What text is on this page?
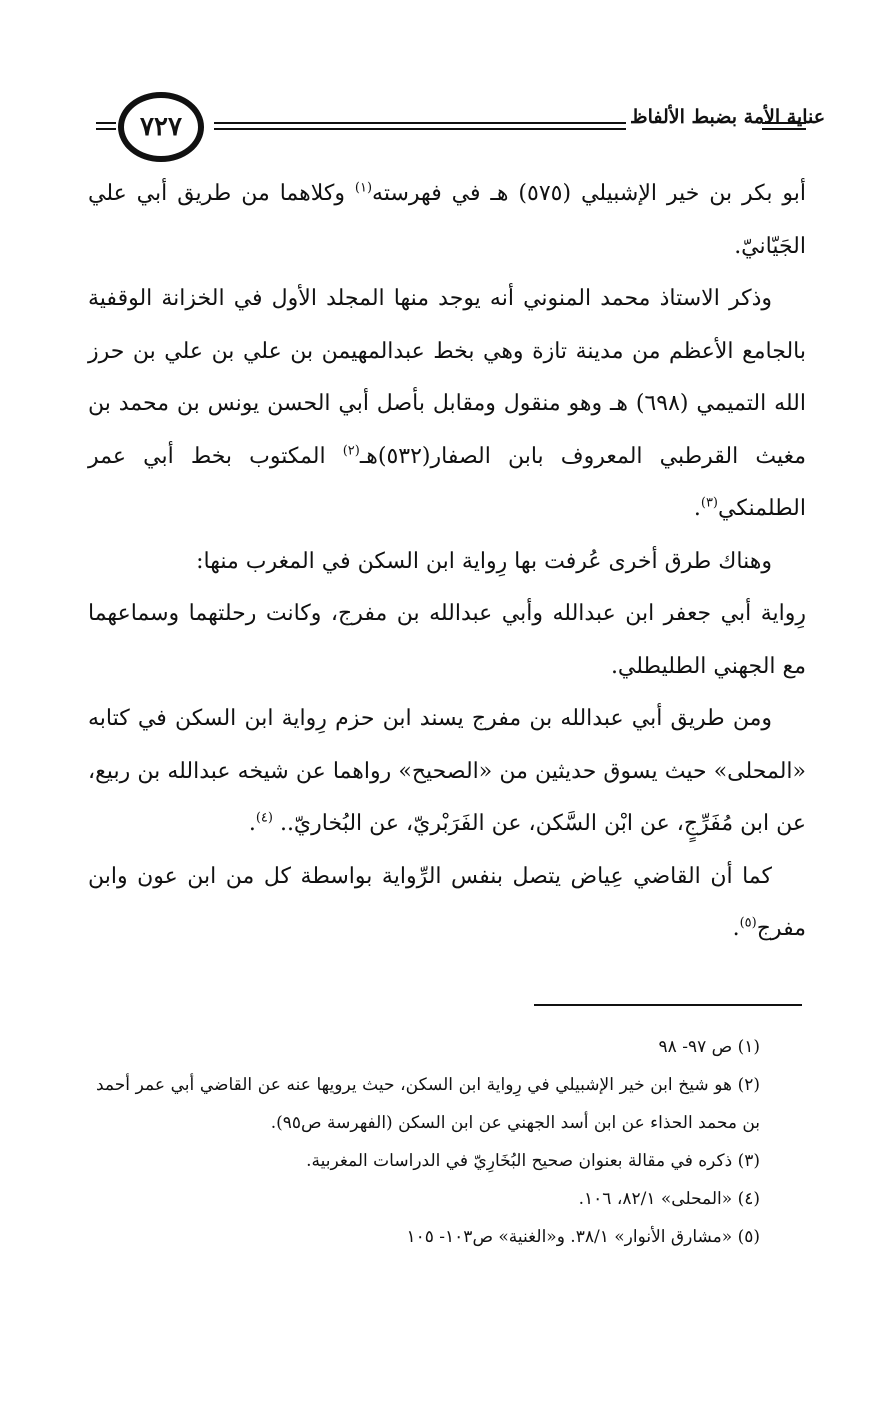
٧٢٧	عناية الأمة بضبط الألفاظ

أبو بكر بن خير الإشبيلي (٥٧٥) هـ في فهرسته$^{(١)}$ وكلاهما من طريق أبي علي الجَيّانيّ.

وذكر الاستاذ محمد المنوني أنه يوجد منها المجلد الأول في الخزانة الوقفية بالجامع الأعظم من مدينة تازة وهي بخط عبدالمهيمن بن علي بن علي بن حرز الله التميمي (٦٩٨) هـ وهو منقول ومقابل بأصل أبي الحسن يونس بن محمد بن مغيث القرطبي المعروف بابن الصفار(٥٣٢)هـ$^{(٢)}$ المكتوب بخط أبي عمر الطلمنكي$^{(٣)}$.

وهناك طرق أخرى عُرفت بها رِواية ابن السكن في المغرب منها:

رِواية أبي جعفر ابن عبدالله وأبي عبدالله بن مفرج، وكانت رحلتهما وسماعهما مع الجهني الطليطلي.

ومن طريق أبي عبدالله بن مفرج يسند ابن حزم رِواية ابن السكن في كتابه «المحلى» حيث يسوق حديثين من «الصحيح» رواهما عن شيخه عبدالله بن ربيع، عن ابن مُفَرِّجٍ، عن ابْن السَّكن، عن الفَرَبْريّ، عن البُخاريّ.. $^{(٤)}$.

كما أن القاضي عِياض يتصل بنفس الرِّواية بواسطة كل من ابن عون وابن مفرج$^{(٥)}$.

(١) ص ٩٧- ٩٨

(٢) هو شيخ ابن خير الإشبيلي في رِواية ابن السكن، حيث يرويها عنه عن القاضي أبي عمر أحمد بن محمد الحذاء عن ابن أسد الجهني عن ابن السكن (الفهرسة ص٩٥).

(٣) ذكره في مقالة بعنوان صحيح البُخَارِيّ في الدراسات المغربية.

(٤) «المحلى» ٨٢/١، ١٠٦.

(٥) «مشارق الأنوار» ٣٨/١. و«الغنية» ص١٠٣- ١٠٥
